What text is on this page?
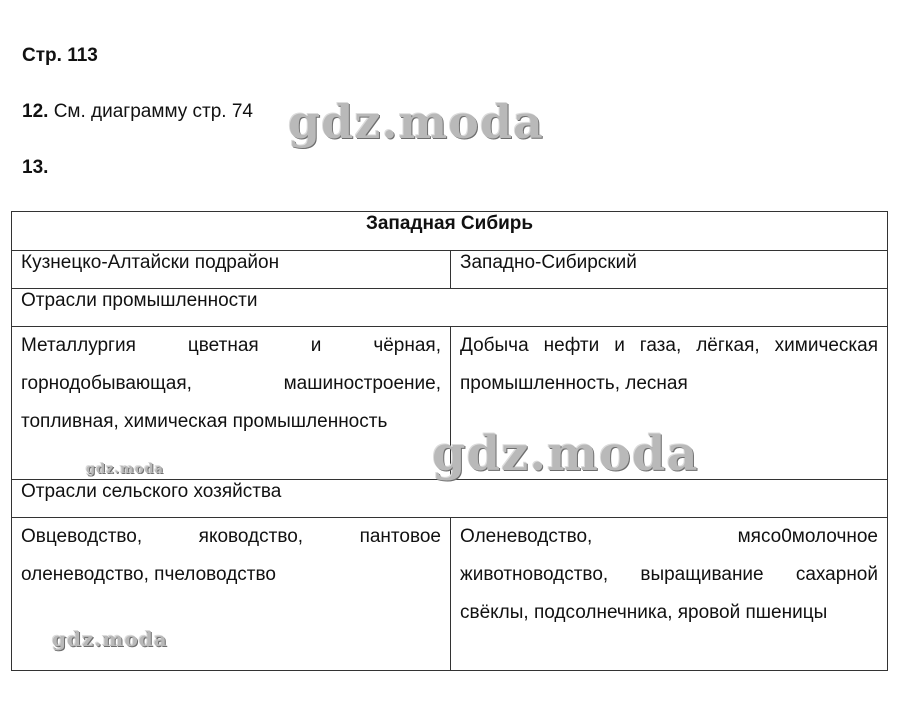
Стр. 113
12. См. диаграмму стр. 74
13.
Западная Сибирь	
Кузнецко-Алтайски подрайон	Западно-Сибирский
Отрасли промышленности	
Металлургия цветная и чёрная, горнодобывающая, машиностроение, топливная, химическая промышленность	Добыча нефти и газа, лёгкая, химическая промышленность, лесная
Отрасли сельского хозяйства	
Овцеводство, яководство, пантовое оленеводство, пчеловодство	Оленеводство, мясо0молочное животноводство, выращивание сахарной свёклы, подсолнечника, яровой пшеницы
gdz.moda
gdz.moda
gdz.moda
gdz.moda
